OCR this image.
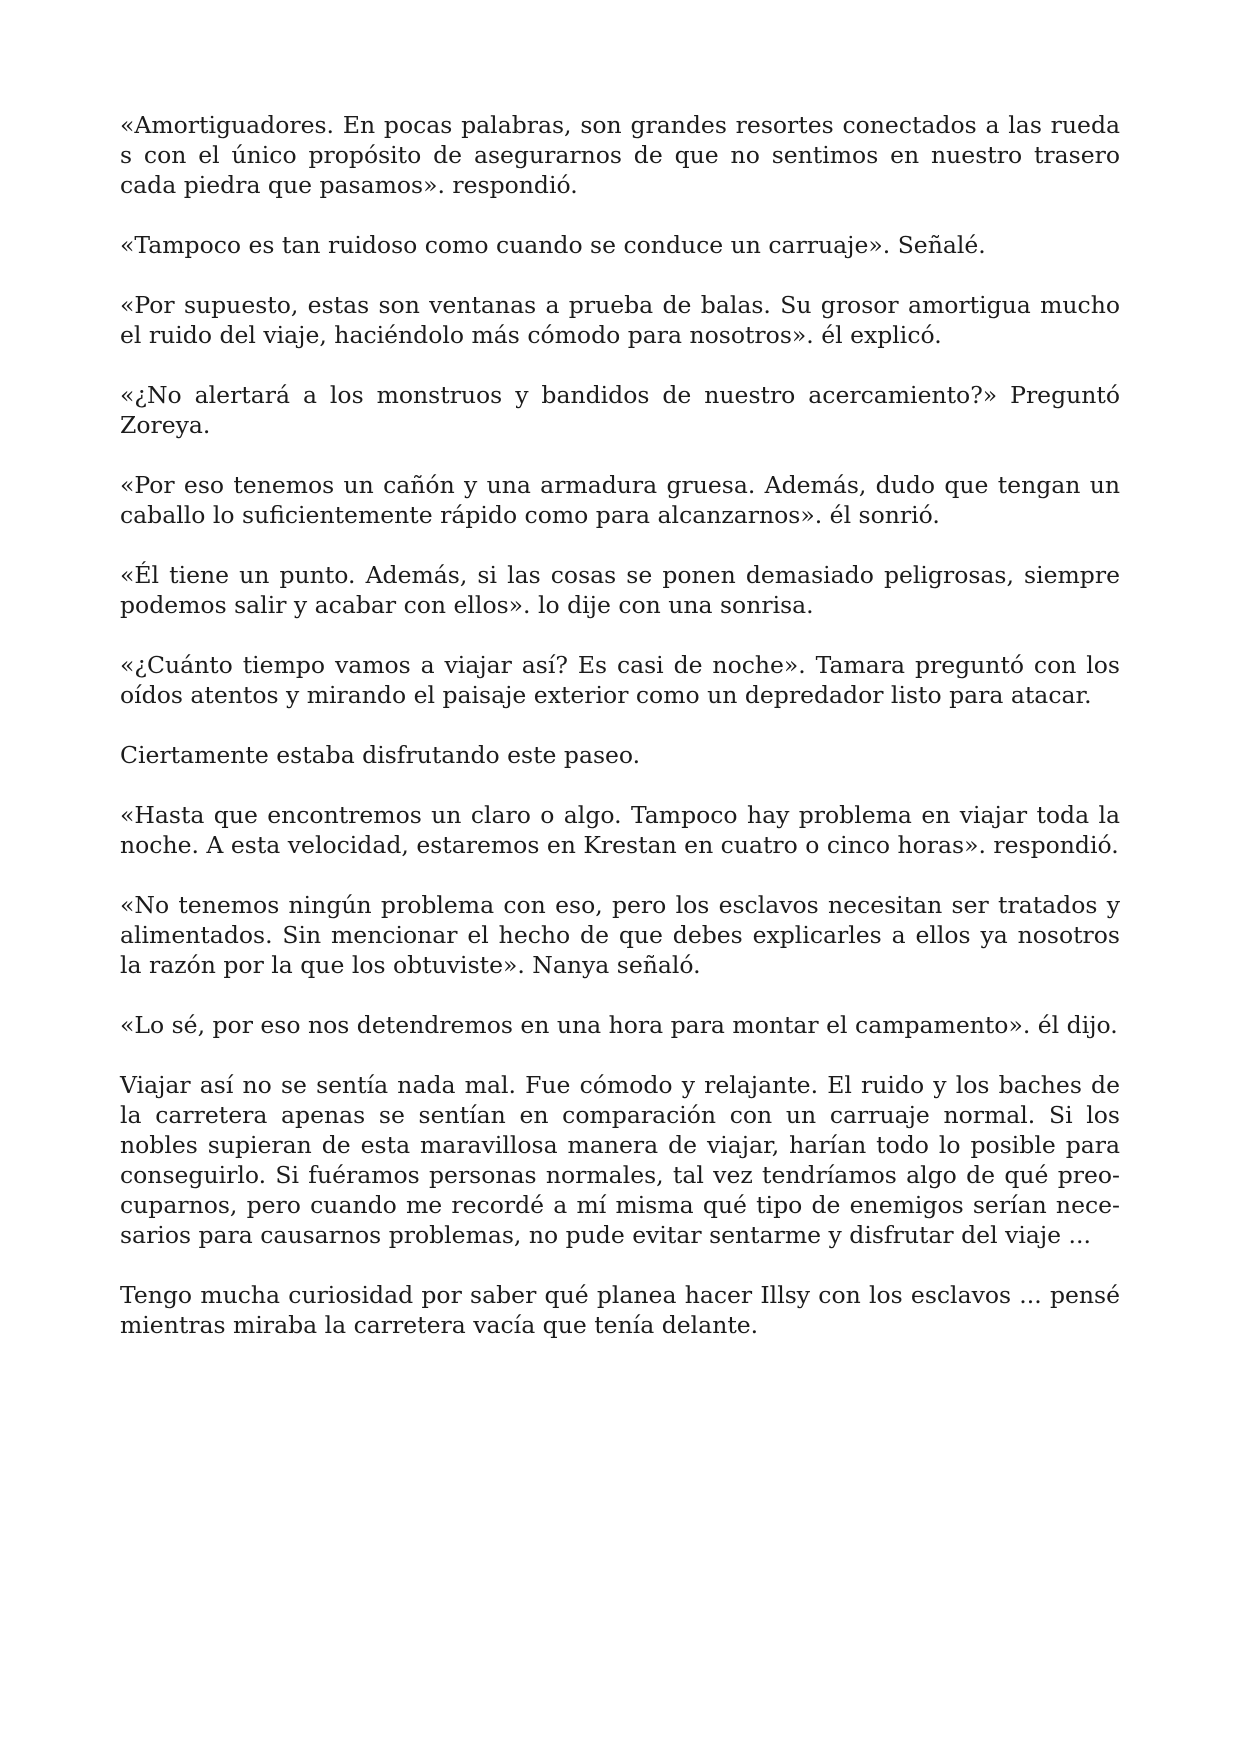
«Amortiguadores. En pocas palabras, son grandes resortes conectados a las rueda s con el único propósito de asegurarnos de que no sentimos en nuestro trasero cada piedra que pasamos». respondió.

«Tampoco es tan ruidoso como cuando se conduce un carruaje». Señalé.

«Por supuesto, estas son ventanas a prueba de balas. Su grosor amortigua mucho el ruido del viaje, haciéndolo más cómodo para nosotros». él explicó.

«¿No alertará a los monstruos y bandidos de nuestro acercamiento?» Preguntó Zoreya.

«Por eso tenemos un cañón y una armadura gruesa. Además, dudo que tengan un caballo lo suficientemente rápido como para alcanzarnos». él sonrió.

«Él tiene un punto. Además, si las cosas se ponen demasiado peligrosas, siempre podemos salir y acabar con ellos». lo dije con una sonrisa.

«¿Cuánto tiempo vamos a viajar así? Es casi de noche». Tamara preguntó con los oídos atentos y mirando el paisaje exterior como un depredador listo para atacar.

Ciertamente estaba disfrutando este paseo.

«Hasta que encontremos un claro o algo. Tampoco hay problema en viajar toda la noche. A esta velocidad, estaremos en Krestan en cuatro o cinco horas». respondió.

«No tenemos ningún problema con eso, pero los esclavos necesitan ser tratados y alimentados. Sin mencionar el hecho de que debes explicarles a ellos ya nosotros la razón por la que los obtuviste». Nanya señaló.

«Lo sé, por eso nos detendremos en una hora para montar el campamento». él dijo.

Viajar así no se sentía nada mal. Fue cómodo y relajante. El ruido y los baches de la carretera apenas se sentían en comparación con un carruaje normal. Si los nobles supieran de esta maravillosa manera de viajar, harían todo lo posible para conseguirlo. Si fuéramos personas normales, tal vez tendríamos algo de qué preocuparnos, pero cuando me recordé a mí misma qué tipo de enemigos serían necesarios para causarnos problemas, no pude evitar sentarme y disfrutar del viaje ...

Tengo mucha curiosidad por saber qué planea hacer Illsy con los esclavos ... pensé mientras miraba la carretera vacía que tenía delante.
